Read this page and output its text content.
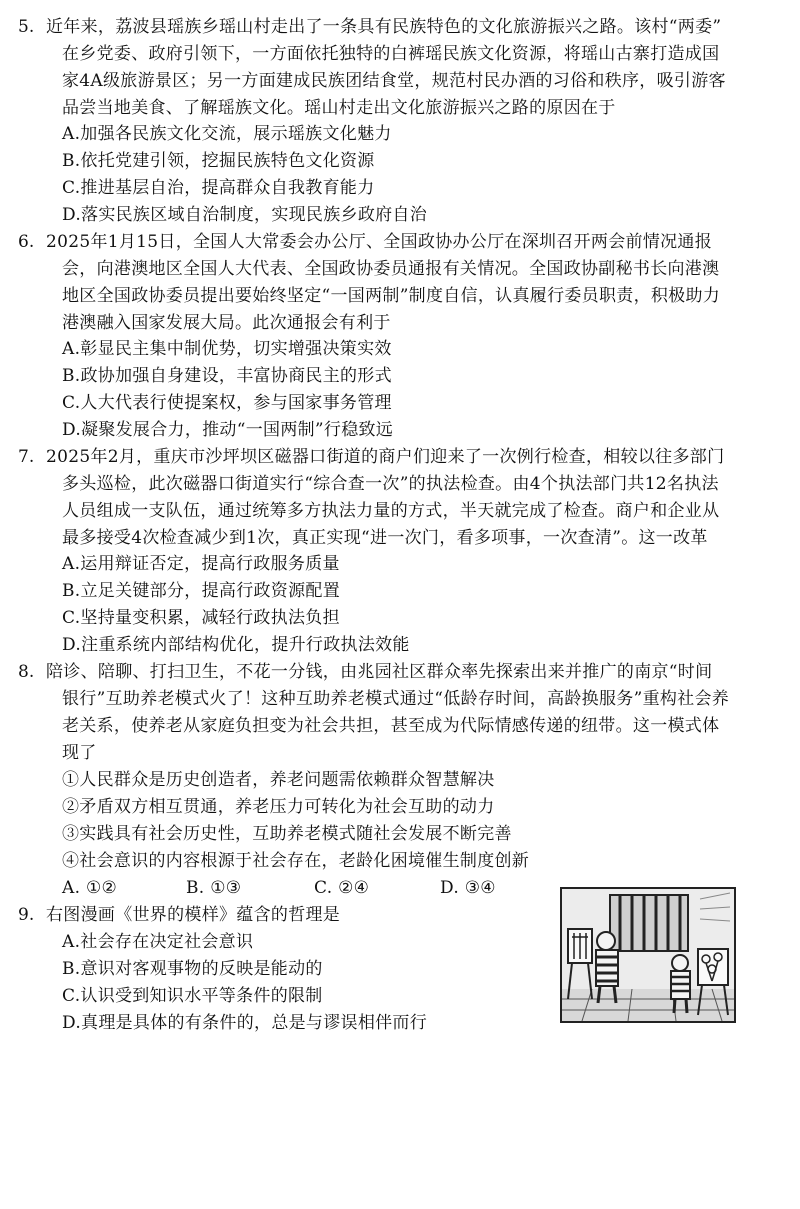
5. 近年来，荔波县瑶族乡瑶山村走出了一条具有民族特色的文化旅游振兴之路。该村“两委”
在乡党委、政府引领下，一方面依托独特的白裤瑶民族文化资源，将瑶山古寨打造成国
家4A级旅游景区；另一方面建成民族团结食堂，规范村民办酒的习俗和秩序，吸引游客
品尝当地美食、了解瑶族文化。瑶山村走出文化旅游振兴之路的原因在于
A.加强各民族文化交流，展示瑶族文化魅力
B.依托党建引领，挖掘民族特色文化资源
C.推进基层自治，提高群众自我教育能力
D.落实民族区域自治制度，实现民族乡政府自治
6. 2025年1月15日，全国人大常委会办公厅、全国政协办公厅在深圳召开两会前情况通报
会，向港澳地区全国人大代表、全国政协委员通报有关情况。全国政协副秘书长向港澳
地区全国政协委员提出要始终坚定“一国两制”制度自信，认真履行委员职责，积极助力
港澳融入国家发展大局。此次通报会有利于
A.彰显民主集中制优势，切实增强决策实效
B.政协加强自身建设，丰富协商民主的形式
C.人大代表行使提案权，参与国家事务管理
D.凝聚发展合力，推动“一国两制”行稳致远
7. 2025年2月，重庆市沙坪坝区磁器口街道的商户们迎来了一次例行检查，相较以往多部门
多头巡检，此次磁器口街道实行“综合查一次”的执法检查。由4个执法部门共12名执法
人员组成一支队伍，通过统筹多方执法力量的方式，半天就完成了检查。商户和企业从
最多接受4次检查减少到1次，真正实现“进一次门，看多项事，一次查清”。这一改革
A.运用辩证否定，提高行政服务质量
B.立足关键部分，提高行政资源配置
C.坚持量变积累，减轻行政执法负担
D.注重系统内部结构优化，提升行政执法效能
8. 陪诊、陪聊、打扫卫生，不花一分钱，由兆园社区群众率先探索出来并推广的南京“时间
银行”互助养老模式火了！这种互助养老模式通过“低龄存时间，高龄换服务”重构社会养
老关系，使养老从家庭负担变为社会共担，甚至成为代际情感传递的纽带。这一模式体
现了
①人民群众是历史创造者，养老问题需依赖群众智慧解决
②矛盾双方相互贯通，养老压力可转化为社会互助的动力
③实践具有社会历史性，互助养老模式随社会发展不断完善
④社会意识的内容根源于社会存在，老龄化困境催生制度创新
A. ①②	B. ①③	C. ②④	D. ③④
9. 右图漫画《世界的模样》蕴含的哲理是
A.社会存在决定社会意识
B.意识对客观事物的反映是能动的
C.认识受到知识水平等条件的限制
D.真理是具体的有条件的，总是与谬误相伴而行
